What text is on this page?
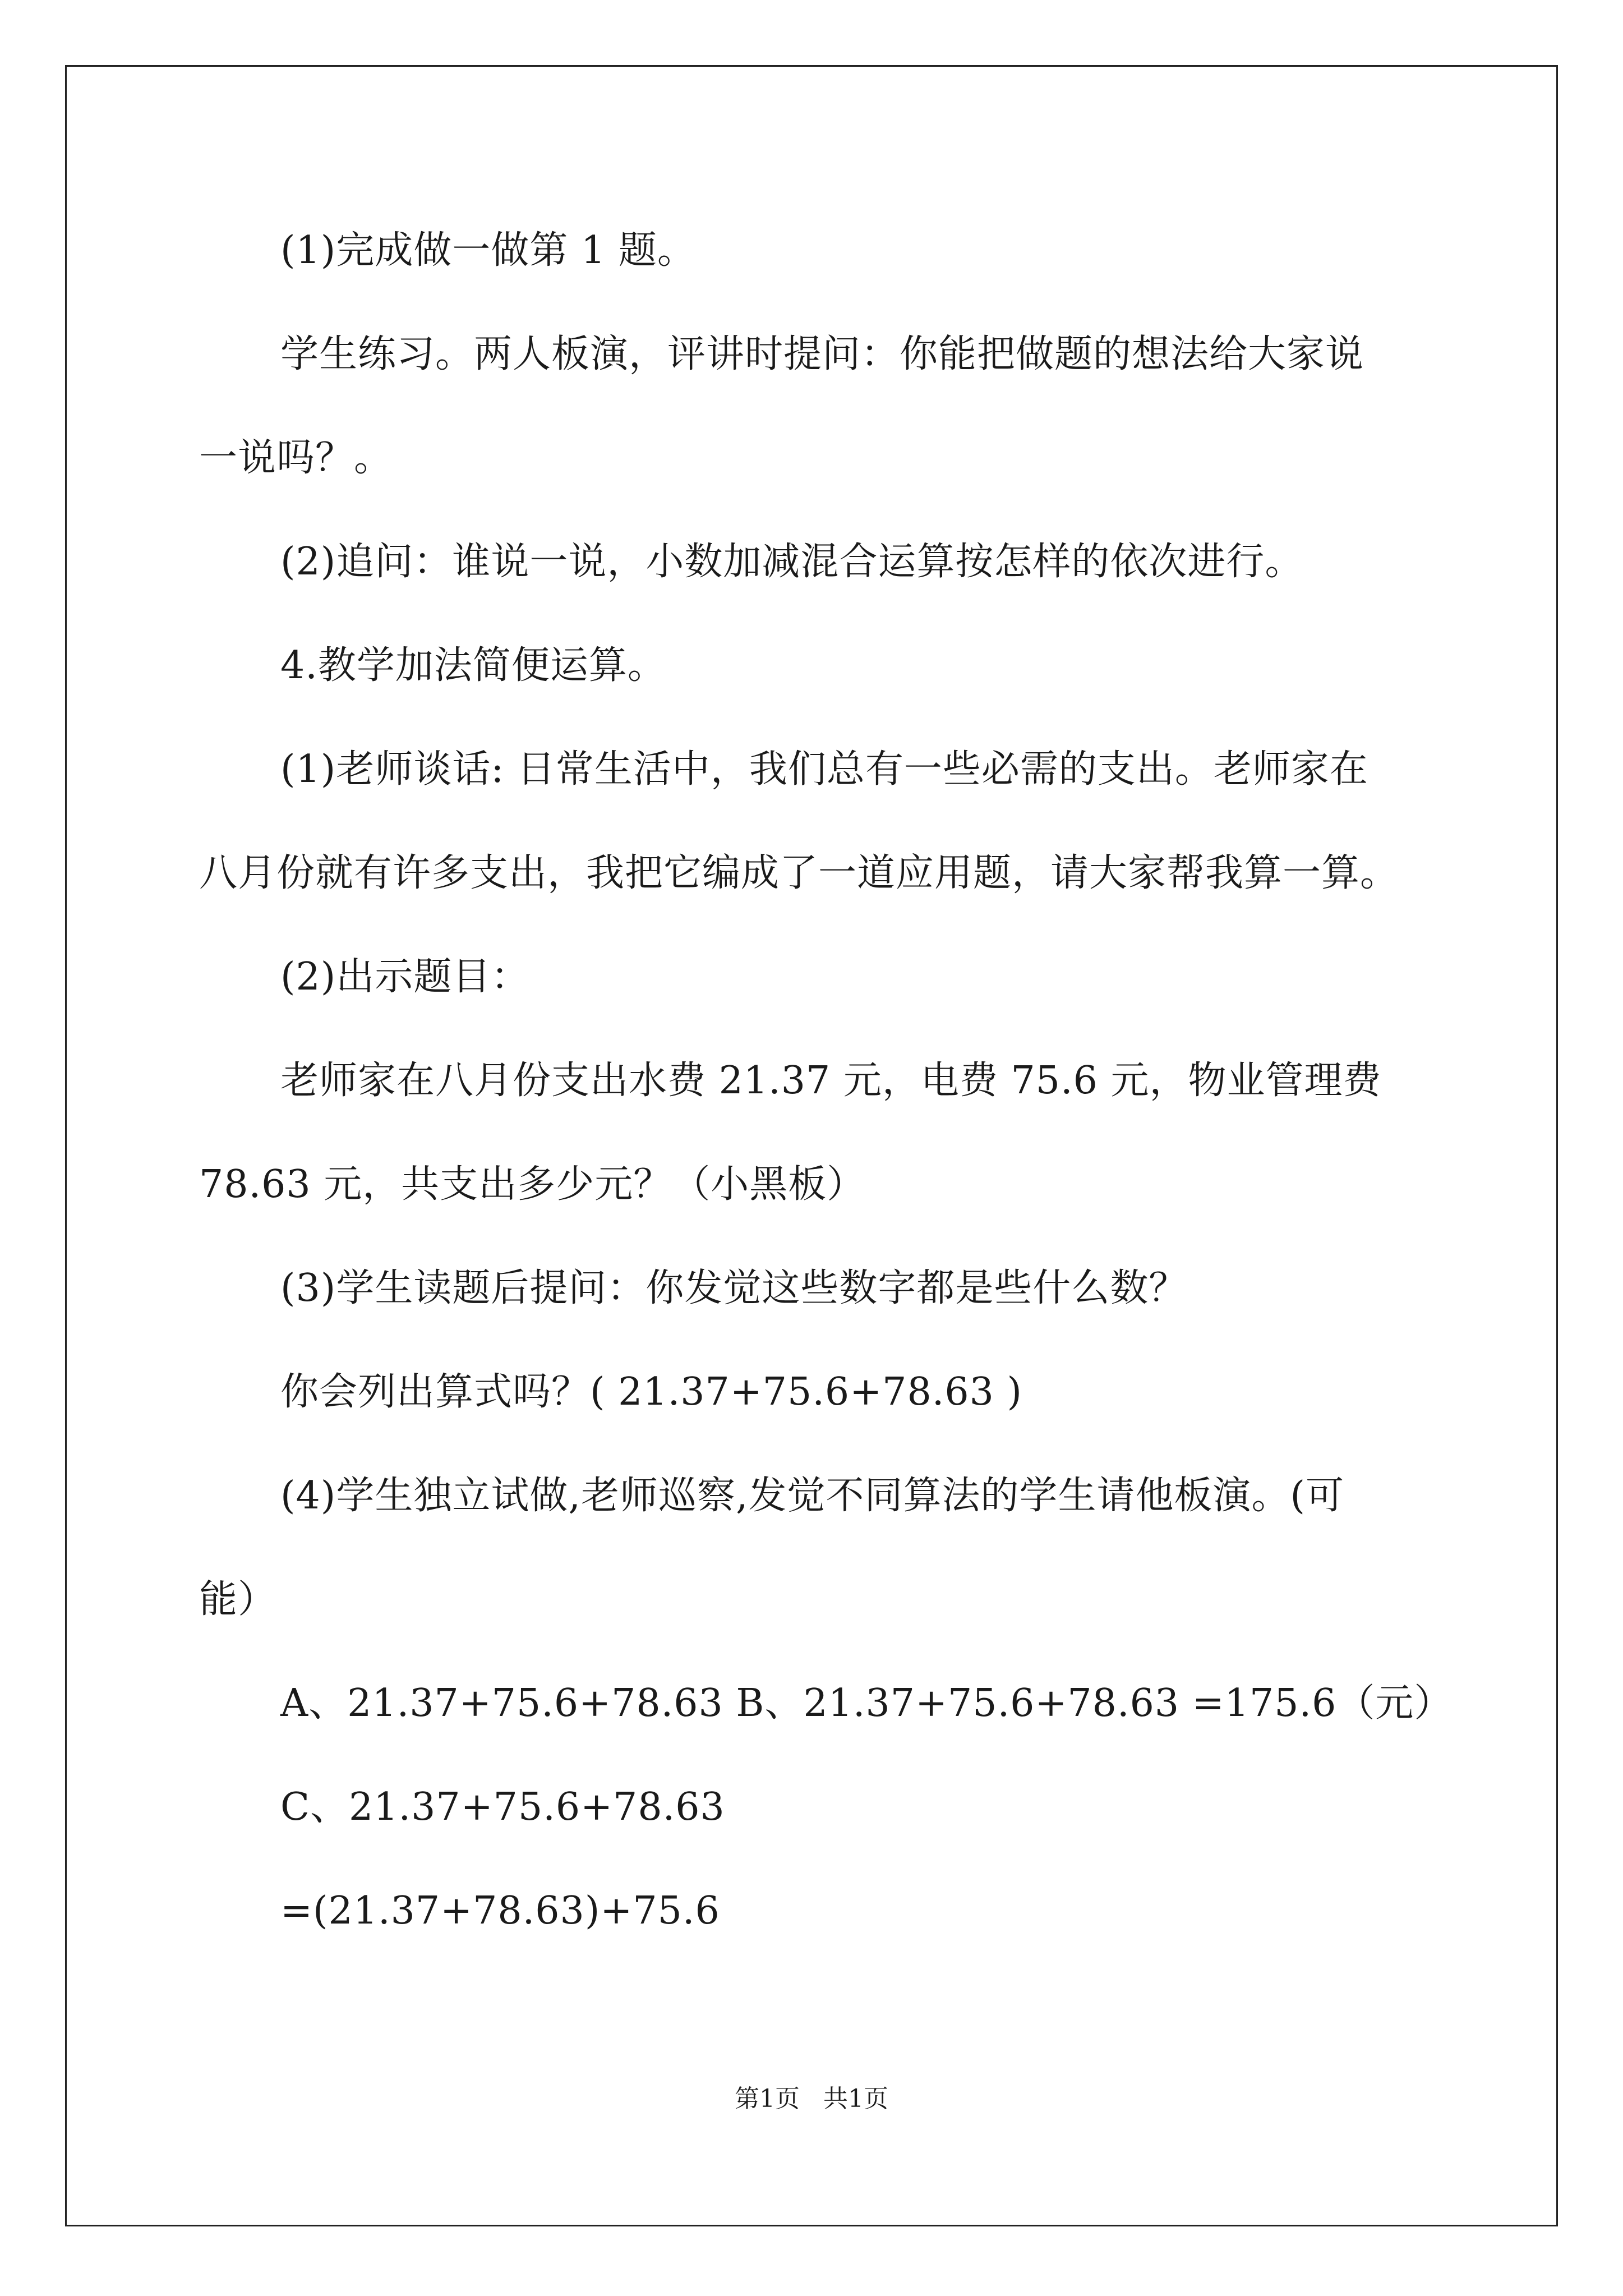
(1)完成做一做第 1 题。
学生练习。两人板演，评讲时提问：你能把做题的想法给大家说
一说吗？。
(2)追问：谁说一说，小数加减混合运算按怎样的依次进行。
4.教学加法简便运算。
(1)老师谈话: 日常生活中，我们总有一些必需的支出。老师家在
八月份就有许多支出，我把它编成了一道应用题，请大家帮我算一算。
(2)出示题目：
老师家在八月份支出水费 21.37 元，电费 75.6 元，物业管理费
78.63 元，共支出多少元？（小黑板）
(3)学生读题后提问：你发觉这些数字都是些什么数？
你会列出算式吗？( 21.37+75.6+78.63 )
(4)学生独立试做,老师巡察,发觉不同算法的学生请他板演。(可
能）
A、21.37+75.6+78.63 B、21.37+75.6+78.63 =175.6（元）
C、21.37+75.6+78.63
=(21.37+78.63)+75.6
第1页   共1页
